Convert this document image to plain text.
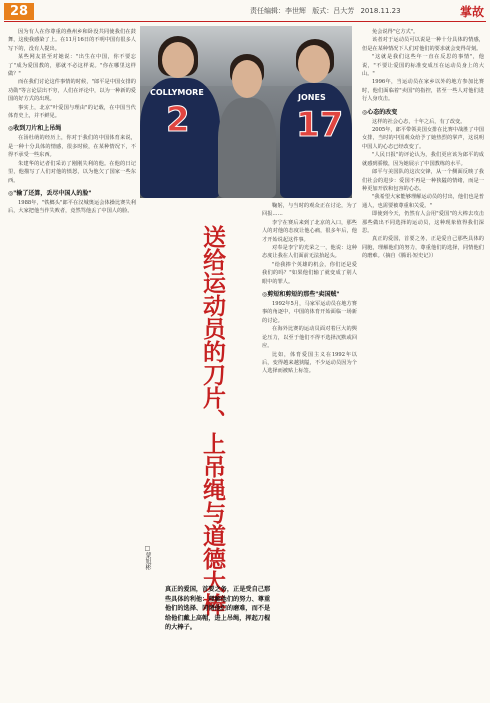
28	责任编辑：李世辉 版式：吕大芳 2018.11.23	掌故

因为有人在你尊重的燕州乡和卧没共同使我们在鼓舞，这使我感染了上。在11月16日的不明中国有很多人写下的，没有人提出。

某些网友甚至对她说："出生在中国，你不要忘了"成为爱国教的，那就不必这样说。"你在哪里这样做？"

而在我们讨论这件事情的时候，"郎平是中国女排的功勋"等言论层出不穷，人们在评论中，以为一种新的爱国的好方式的出现。

事实上，北京"叶爱国与理由"的记载，在中国当代体育史上，并不鲜见。

◎收到刀片和上吊绳

在汤杜萌的经历上，你对于我们的中国体育来说，是一种十分具体的情感，很多时候，在某种情况下，不得不承受一些东西。

朱建华的记者们采访了刚刚失利的他。在他的日记里，他描写了人们对他的愤怒，以为他欠了国家一些东西。

◎"输了还算，丢尽中国人的脸"

1988年，"铁榔头"郎平在汉城奥运会体操比赛失利后，大家把他当作失败者，竟然骂他丢了中国人的脸。

COLLYMORE
2
JONES
17
送给运动员的刀片、上吊绳与道德大棒
□蒙旭彬
真正的爱国，首要之务，正是受自己那些具体的利他：理解他们的努力、尊重他们的选择、同情他们的磨难，而不是给他们戴上高帽，进上吊绳，挥起刀棍的大棒子。

鞠躬，与当时的观众正在讨论，为了回报……

李宁在赛后来到了北京的入口，那些人的对他的态度让他心痛，很多年后，他才开始说起这件事。

对奉是李宁的光荣之一，他说：这种态度让我在人们面前无法抬起头。

"给我捧个英雄的机会，你们还是爱我们的吗？"如果他们输了就变成了别人眼中的罪人。

◎剪短和剪短的那些"卖国贼"

1992年5月，马家军运动员在地方赛事的角逐中，中国的体育开始面临一场新的讨论。

在海外比赛的运动员面对着巨大的舆论压力，以至于他们不得不选择沉默或回应。

比如，体育爱国主义在1992年以后，变得越来越狭隘，不少运动员因为个人选择而被贴上标签。

免会说得"它方式"。

该者对于运动员可以说是一种十分具体的情感，但是在某种情况下人们对他们的要求就会变得苛刻。

"这就是我们这些年一直在反思的事情"，他说，"不要让爱国的标准变成压在运动员身上的大山。"

1996年，当运动员在家乡以外的地方参加比赛时，他们面临着"卖国"的指控，甚至一些人对他们进行人身攻击。

◎心态的改变

这样的社会心态，十年之后，有了改变。

2005年，郎平带领美国女排在比赛中战胜了中国女排，当时的中国观众给予了她热烈的掌声，这说明中国人的心态已经改变了。

"人民日报"的评论认为，我们更应该为郎平的成就感到骄傲，因为她展示了中国教练的水平。

郎平与美国队的这次交锋，从一个侧面反映了我们社会的进步：爱国不再是一种狭隘的情绪，而是一种更加开放和包容的心态。

"我希望大家能够理解运动员的付出，他们也是普通人，也需要被尊重和关爱。"

即使到今天，仍然有人会用"爱国"的大棒去攻击那些做出不同选择的运动员，这种现象值得我们深思。

真正的爱国，首要之务，正是爱自己那些具体的同胞，理解他们的努力，尊重他们的选择，同情他们的磨难。（摘自《腾讯·短史记》）
